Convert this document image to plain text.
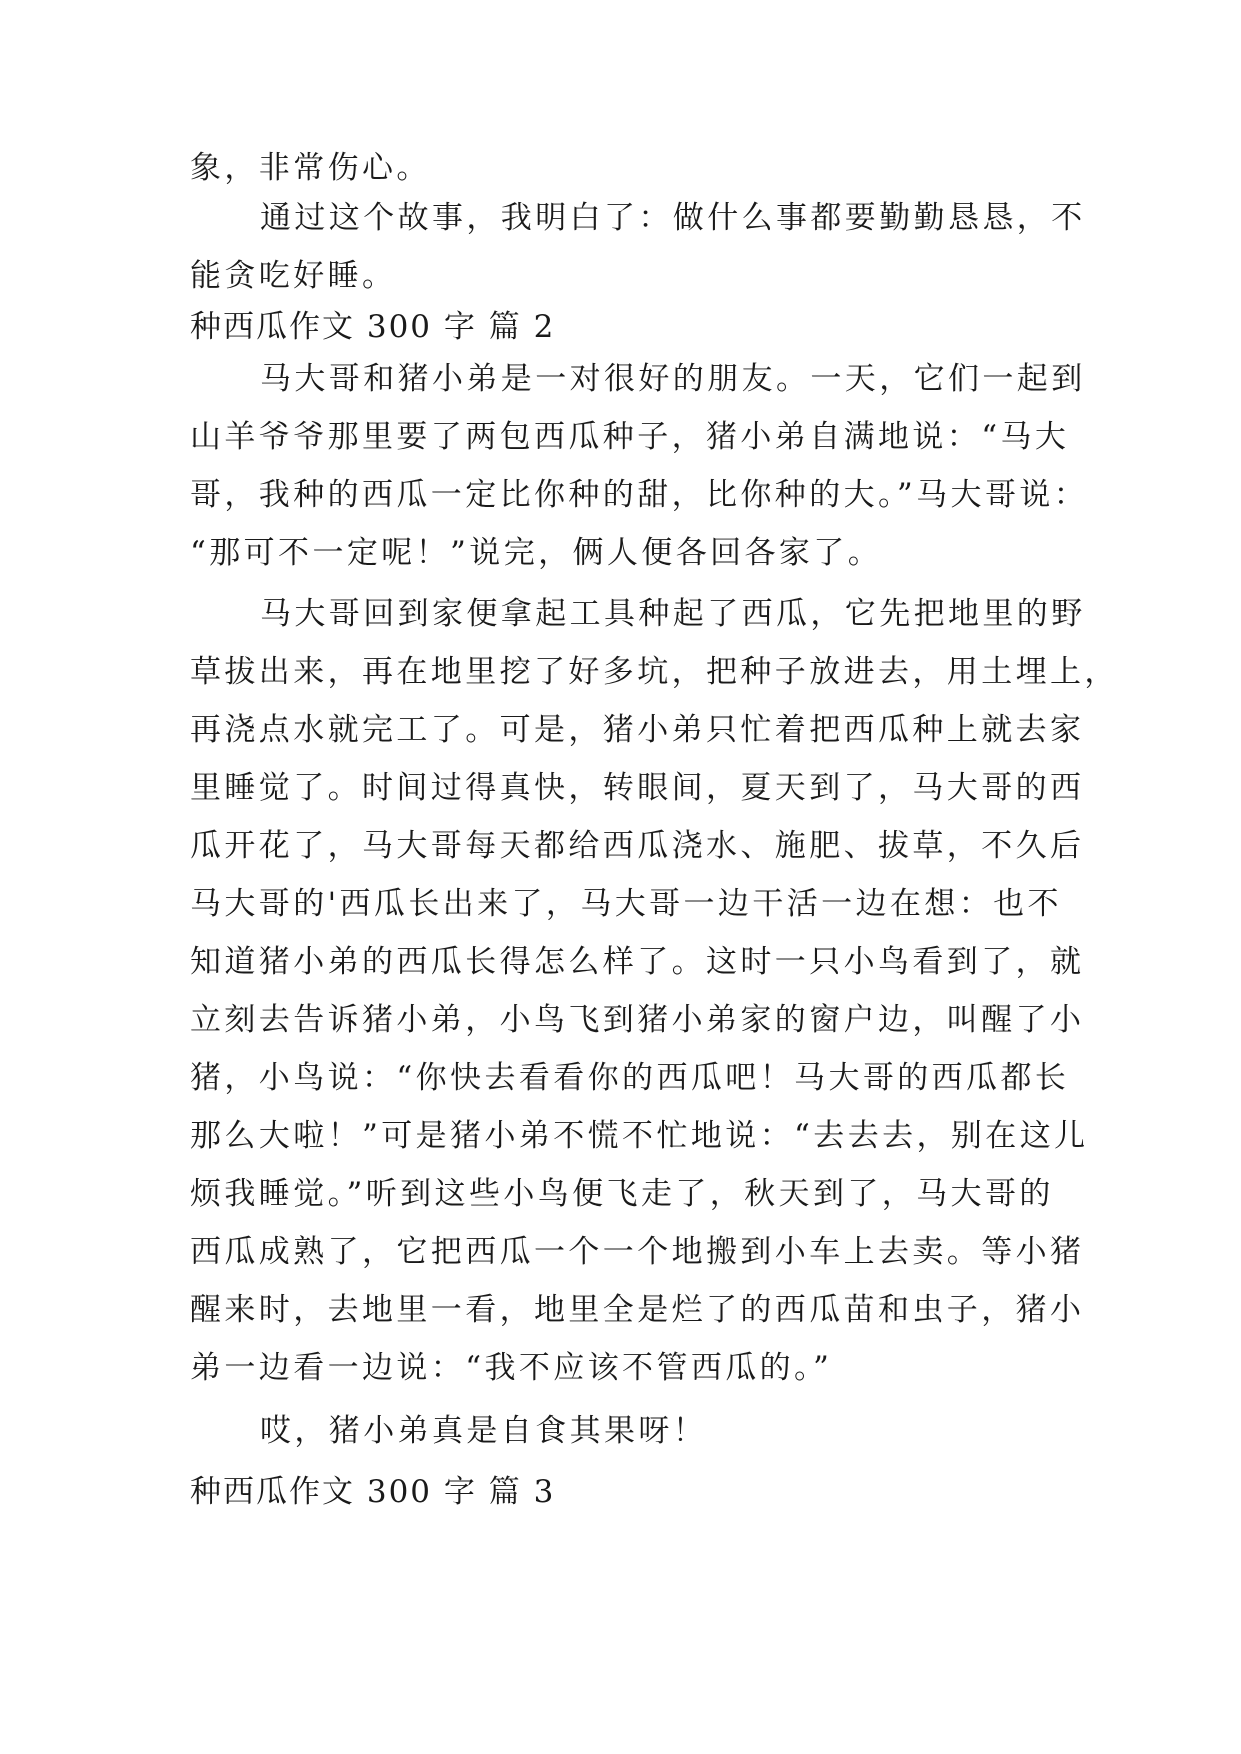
象，非常伤心。
通过这个故事，我明白了：做什么事都要勤勤恳恳，不
能贪吃好睡。
种西瓜作文 300 字 篇 2
马大哥和猪小弟是一对很好的朋友。一天，它们一起到
山羊爷爷那里要了两包西瓜种子，猪小弟自满地说：“马大
哥，我种的西瓜一定比你种的甜，比你种的大。”马大哥说：
“那可不一定呢！”说完，俩人便各回各家了。
马大哥回到家便拿起工具种起了西瓜，它先把地里的野
草拔出来，再在地里挖了好多坑，把种子放进去，用土埋上，
再浇点水就完工了。可是，猪小弟只忙着把西瓜种上就去家
里睡觉了。时间过得真快，转眼间，夏天到了，马大哥的西
瓜开花了，马大哥每天都给西瓜浇水、施肥、拔草，不久后
马大哥的'西瓜长出来了，马大哥一边干活一边在想：也不
知道猪小弟的西瓜长得怎么样了。这时一只小鸟看到了，就
立刻去告诉猪小弟，小鸟飞到猪小弟家的窗户边，叫醒了小
猪，小鸟说：“你快去看看你的西瓜吧！马大哥的西瓜都长
那么大啦！”可是猪小弟不慌不忙地说：“去去去，别在这儿
烦我睡觉。”听到这些小鸟便飞走了，秋天到了，马大哥的
西瓜成熟了，它把西瓜一个一个地搬到小车上去卖。等小猪
醒来时，去地里一看，地里全是烂了的西瓜苗和虫子，猪小
弟一边看一边说：“我不应该不管西瓜的。”
哎，猪小弟真是自食其果呀！
种西瓜作文 300 字 篇 3
